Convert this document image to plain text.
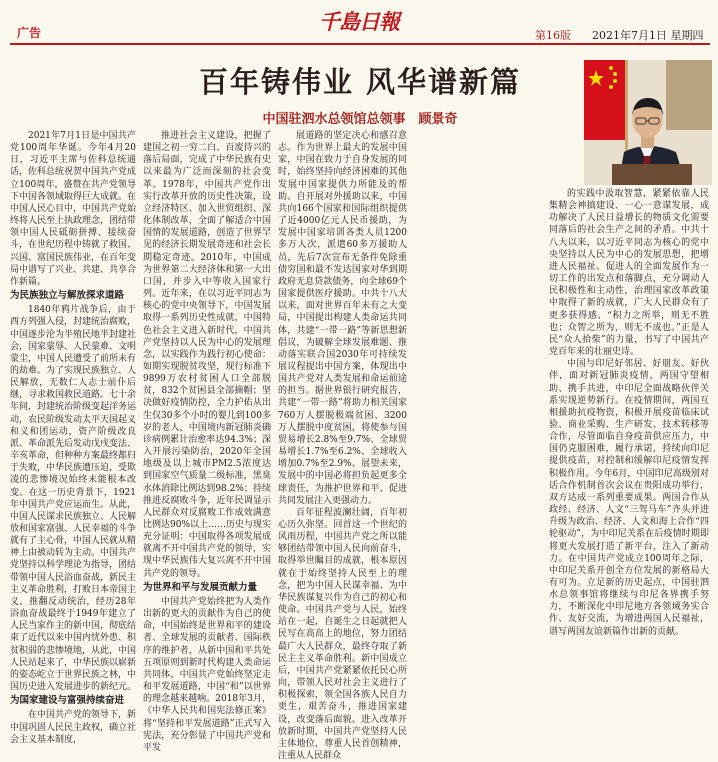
广告	千島日報
第16版 2021年7月1日 星期四
百年铸伟业 风华谱新篇
中国驻泗水总领馆总领事　顾景奇

2021年7月1日是中国共产党100周年华诞。今年4月20日，习近平主席与佐科总统通话，佐科总统祝贺中国共产党成立100周年，盛赞在共产党领导下中国各领域取得巨大成就。在中国人民心目中，中国共产党始终将人民至上执政理念，团结带领中国人民砥砺拼搏、接续奋斗，在世纪历程中铸就了救国、兴国、富国民族伟业，在百年变局中谱写了兴业、共建、共享合作新篇。

为民族独立与解放探求道路

1840年鸦片战争后，由于西方列强入侵，封建统治腐败，中国逐步沦为半殖民地半封建社会，国家蒙辱、人民蒙难、文明蒙尘，中国人民遭受了前所未有的劫难。为了实现民族独立、人民解放，无数仁人志士前仆后继，寻求救国救民道路。七十余年间，封建统治阶级变起洋务运动，农民阶级发动太平天国起义和义和团运动，资产阶级改良派、革命派先后发动戊戌变法、辛亥革命，但种种方案最终都归于失败，中华民族遭压迫，受欺凌的悲惨境况始终未能根本改变。在这一历史背景下，1921年中国共产党应运而生。从此，中国人民谋求民族独立、人民解放和国家富强、人民幸福的斗争就有了主心骨，中国人民就从精神上由被动转为主动。中国共产党坚持以科学理论为指导，团结带领中国人民浴血奋战，新民主主义革命胜利，打败日本帝国主义，推翻反动统治，经历28年浴血奋战最终于1949年建立了人民当家作主的新中国，彻底结束了近代以来中国内忧外患、积贫积弱的悲惨境地，从此，中国人民站起来了，中华民族以崭新的姿态屹立于世界民族之林，中国历史进入发展进步的新纪元。

为国家建设与富强持续奋进

在中国共产党的领导下，新中国巩固人民民主政权，确立社会主义基本制度，

推进社会主义建设，把握了建国之初一穷二白、百废待兴的落后局面，完成了中华民族有史以来最为广泛而深刻的社会变革。1978年，中国共产党作出实行改革开放的历史性决策，设立经济特区、加入世贸组织、深化体制改革，全面了解适合中国国情的发展道路，创造了世界罕见的经济长期发展奇迹和社会长期稳定奇迹。2010年，中国成为世界第二大经济体和第一大出口国，并步入中等收入国家行列。近年来，在以习近平同志为核心的党中央领导下，中国发展取得一系列历史性成就，中国特色社会主义进入新时代，中国共产党坚持以人民为中心的发展理念，以实践作为践行初心使命：如期实现脱贫攻坚，现行标准下9899万农村贫困人口全部脱贫，832个贫困县全部摘帽；坚决做好疫情防控，全力护佑从出生仅30多个小时的婴儿到100多岁的老人，中国境内新冠肺炎确诊病例累计治愈率达94.3%；深入开展污染防治，2020年全国地级及以上城市PM2.5浓度达到国家空气质量二级标准，黑臭水体消除比例达到98.2%；持续推进反腐败斗争，近年民调显示人民群众对反腐败工作成效满意比例达90%以上……历史与现实充分证明：中国取得各项发展成就离不开中国共产党的领导，实现中华民族伟大复兴离不开中国共产党的领导。

为世界和平与发展贡献力量

中国共产党始终把为人类作出新的更大的贡献作为自己的使命，中国始终是世界和平的建设者、全球发展的贡献者、国际秩序的维护者，从新中国和平共处五项原则到新时代构建人类命运共同体，中国共产党始终坚定走和平发展道路，中国“和”以世界的理念越来越响。2018年3月，《中华人民共和国宪法修正案》将“坚持和平发展道路”正式写入宪法，充分彰显了中国共产党和平发

展道路的坚定决心和感召意志。作为世界上最大的发展中国家，中国在致力于自身发展的同时，始终坚持向经济困难的其他发展中国家提供力所能及的帮助。自开展对外援助以来，中国共向166个国家和国际组织提供了近4000亿元人民币援助，为发展中国家培训各类人员1200多万人次，派遣60多万援助人员，先后7次宣布无条件免除重债穷国和最不发达国家对华到期政府无息贷款债务，向全球69个国家提供医疗援助。中共十八大以来，面对世界百年未有之大变局，中国提出构建人类命运共同体，共建“一带一路”等新思想新倡议，为破解全球发展难题、推动落实联合国2030年可持续发展议程提出中国方案，体现出中国共产党对人类发展和命运前途的担当。据世界银行研究报告，共建“一带一路”将助力相关国家760万人摆脱极端贫困、3200万人摆脱中度贫困，将使参与国贸易增长2.8%至9.7%、全球贸易增长1.7%至6.2%、全球收入增加0.7%至2.9%。展望未来，发展中的中国必将担负起更多全球责任，为推护世界和平、促进共同发展注入更强动力。

百年征程波澜壮阔，百年初心历久弥坚。回首这一个世纪的风雨历程，中国共产党之所以能够团结带领中国人民向前奋斗，取得举世瞩目的成就，根本原因就在于始终坚持人民至上的理念，把为中国人民谋幸福、为中华民族谋复兴作为自己的初心和使命。中国共产党与人民，始终站在一起，自诞生之日起就把人民写在高高上的地位，努力团结最广大人民群众，最终夺取了新民主主义革命胜利。新中国成立后，中国共产党紧紧依托民心所向，带领人民对社会主义进行了积极探索，领全国各族人民自力更生，艰苦奋斗，推进国家建设，改变落后面貌。进入改革开放新时期，中国共产党坚持人民主体地位，尊重人民首创精神，注重从人民群众

的实践中汲取智慧，紧紧依靠人民集精会神搞建设、一心一意谋发展，成功解决了人民日益增长的物质文化需要同落后的社会生产之间的矛盾。中共十八大以来，以习近平同志为核心的党中央坚持以人民为中心的发展思想，把增进人民福祉、促进人的全面发展作为一切工作的出发点和落脚点，充分调动人民积极性和主动性，治理国家改革政策中取得了新的成就，广大人民群众有了更多获得感、“积力之所举，则无不胜也；众智之所为，则无不成也。”正是人民“众人拾柴”的力量，书写了中国共产党百年来的壮丽史诗。

中国与印尼好邻居、好朋友、好伙伴，面对新冠肺炎疫情，两国守望相助、携手共进，中印尼全面战略伙伴关系实现逆势新行。在疫情期间，两国互相援助抗疫物资，积极开展疫苗临床试验、商业采购、生产研发、技术转移等合作，尽管面临自身疫苗供应压力，中国仍克服困难，履行承诺，持续向印尼提供疫苗，对控制和缓解印尼疫情发挥积极作用。今年6月，中国印尼高级别对话合作机制首次会议在贵阳成功举行，双方达成一系列重要成果。两国合作从政经、经济、人文“三驾马车”齐头并进升级为政治、经济、人文和海上合作“四轮驱动”，为中印尼关系在后疫情时期即将更大发展打造了新平台，注入了新动力。在中国共产党成立100周年之际，中印尼关系开创全方位发展的新格局大有可为。立足新的历史起点，中国驻泗水总领事馆将继续与印尼各界携手努力，不断深化中印尼地方各领域务实合作、友好交流，为增进两国人民福祉，谱写两国友谊新篇作出新的贡献。
